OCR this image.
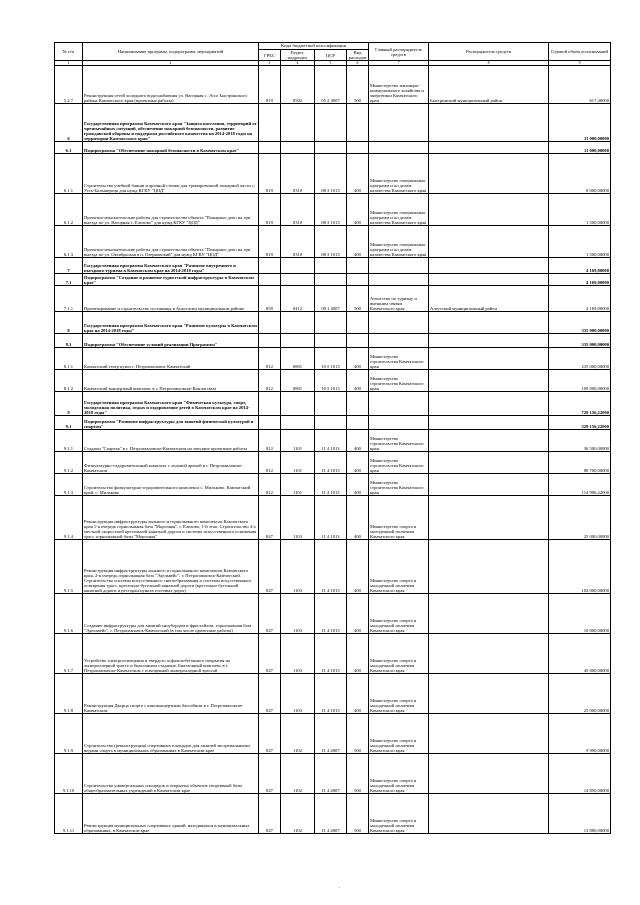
№ п/п	Наименование программ, подпрограмм, мероприятий	Коды бюджетной классификации				Главный распорядитель средств	Распорядитель средств	Годовой объем ассигнований
		ГРБС	Раздел, подраздел	ЦСР	Вид расходов			
1	2	3	4	5	6	7	8	9
5.2.7	Реконструкция сетей холодного водоснабжения ул. Нагорная с. Эссо Быстринского района Камчатского края (проектные работы)	819	0502	05 2 4007	500	Министерство жилищно-коммунального хозяйства и энергетики Камчатского края	Быстринский муниципальный район	617,40000
6	Государственная программа Камчатского края "Защита населения, территорий от чрезвычайных ситуаций, обеспечение пожарной безопасности, развитие гражданской обороны и поддержка российского казачества на 2014-2018 годы на территории Камчатского края"							11 000,00000
6.1	Подпрограмма "Обеспечение пожарной безопасности в Камчатском крае"							11 000,00000
6.1.1	Строительство учебной башни и арочной стенки для тренировочной пожарной части с. Усть-Большерецк для нужд КГКУ "ЦОД"	819	0310	08 3 1013	400	Министерство специальных программ и по делам казачества Камчатского края		8 000,00000
6.1.2	Проектно-изыскательские работы для строительства объекта "Пожарное депо на три выезда по ул. Нагорная с. Елизово" для нужд КГКУ "ЦОД"	819	0310	08 3 1013	400	Министерство специальных программ и по делам казачества Камчатского края		1 500,00000
6.1.3	Проектно-изыскательские работы для строительства объекта "Пожарное депо на три выезда по ул. Октябрьская в п. Озерновский" для нужд КГКУ "ЦОД"	819	0310	08 3 1013	400	Министерство специальных программ и по делам казачества Камчатского края		1 500,00000
7	Государственная программа Камчатского края "Развитие внутреннего и въездного туризма в Камчатском крае на 2014-2018 годы"							4 169,00000
7.1	Подпрограмма "Создание и развитие туристской инфраструктуры в Камчатском крае"							4 169,00000
7.1.1	Проектирование и строительство гостиницы в Анастасии муниципальном районе	850	0412	09 1 4007	500	Агентство по туризму и внешним связям Камчатского края	Алеутский муниципальный район	4 169,00000
8	Государственная программа Камчатского края "Развитие культуры в Камчатском крае на 2014-2018 годы"							335 000,00000
8.1	Подпрограмма "Обеспечение условий реализации Программы"							335 000,00000
8.1.1	Камчатский театр кукол г. Петропавловск-Камчатский	812	0801	10 5 1013	400	Министерство строительства Камчатского края		235 000,00000
8.1.2	Камчатский концертный комплекс в г. Петропавловске-Камчатском	812	0801	10 5 1013	400	Министерство строительства Камчатского края		100 000,00000
9	Государственная программа Камчатского края "Физическая культура, спорт, молодежная политика, отдых и оздоровление детей в Камчатском крае на 2014-2018 годы"							729 156,22000
9.1	Подпрограмма "Развитие инфраструктуры для занятий физической культурой и спортом"							529 156,22000
9.1.1	Стадион "Спартак" в г. Петропавловске-Камчатском на текущие проектные работы	812	1101	11 4 1013	400	Министерство строительства Камчатского края		36 500,00000
9.1.2	Физкультурно-оздоровительный комплекс с ледовой ареной в г. Петропавловске-Камчатском	812	1101	11 4 1013	400	Министерство строительства Камчатского края		88 700,00000
9.1.3	Строительство физкультурно-оздоровительного комплекса с. Мильково, Камчатский край, с. Мильково	812	1101	11 4 1013	400	Министерство строительства Камчатского края		114 996,22000
9.1.4	Реконструкция инфраструктуры лыжного и горнолыжного комплексов Камчатского края 1-я очередь горнолыжная база "Морозная", г. Елизово, 1-й этап. Строительство 4-х местной скоростной кресельной канатной дороги и системы искусственного оснежения трасс горнолыжной базы "Морозная"	847	1103	11 4 1013	400	Министерство спорта и молодежной политики Камчатского края		25 000,00000
9.1.5	Реконструкция инфраструктуры лыжного и горнолыжного комплексов Камчатского края, 2-я очередь горнолыжная база "Эдельвейс", г. Петропавловск-Камчатский. Строительство системы искусственного снегообразования и системы искусственного освещения трасс, кресельно-бугельной канатной дороги (кресельно-бугельной канатной дороги и ресторан/пункта гостевых дорог)	847	1103	11 4 1013	400	Министерство спорта и молодежной политики Камчатского края		102 000,00000
9.1.6	Создание инфраструктуры для занятий сноубордом и фристайлом, горнолыжная база "Эдельвейс", г. Петропавловск-Камчатский (в том числе проектные работы)	847	1103	11 4 1013	400	Министерство спорта и молодежной политики Камчатского края		10 000,00000
9.1.7	Устройство электроосвещения и твердого асфальтобетонного покрытия на лыжероллерной трассе и биатлонном стадионе. Биатлонный комплекс в г. Петропавловске-Камчатском с освещенной лыжероллерной трассой	847	1103	11 4 1013	400	Министерство спорта и молодежной политики Камчатского края		45 000,00000
9.1.8	Реконструкция Дворца спорта с киноконцертным бассейном в г. Петропавловске-Камчатском	847	1103	11 4 1013	400	Министерство спорта и молодежной политики Камчатского края		25 000,00000
9.1.9	Строительство (реконструкция) спортивных площадок для занятий экстремальными видами спорта в муниципальных образованиях в Камчатском крае	847	1102	11 4 4007	500	Министерство спорта и молодежной политики Камчатского края		9 990,00000
9.1.10	Строительство универсальных площадок и открытых объектов спортивной базы общеобразовательных учреждений в Камчатском крае	847	1102	11 4 4007	500	Министерство спорта и молодежной политики Камчатского края		14 850,00000
9.1.11	Реконструкция муниципальных спортивных зданий, находящихся в муниципальных образованиях, в Камчатском крае	847	1102	11 4 4007	500	Министерство спорта и молодежной политики Камчатского края		13 880,00000
.
